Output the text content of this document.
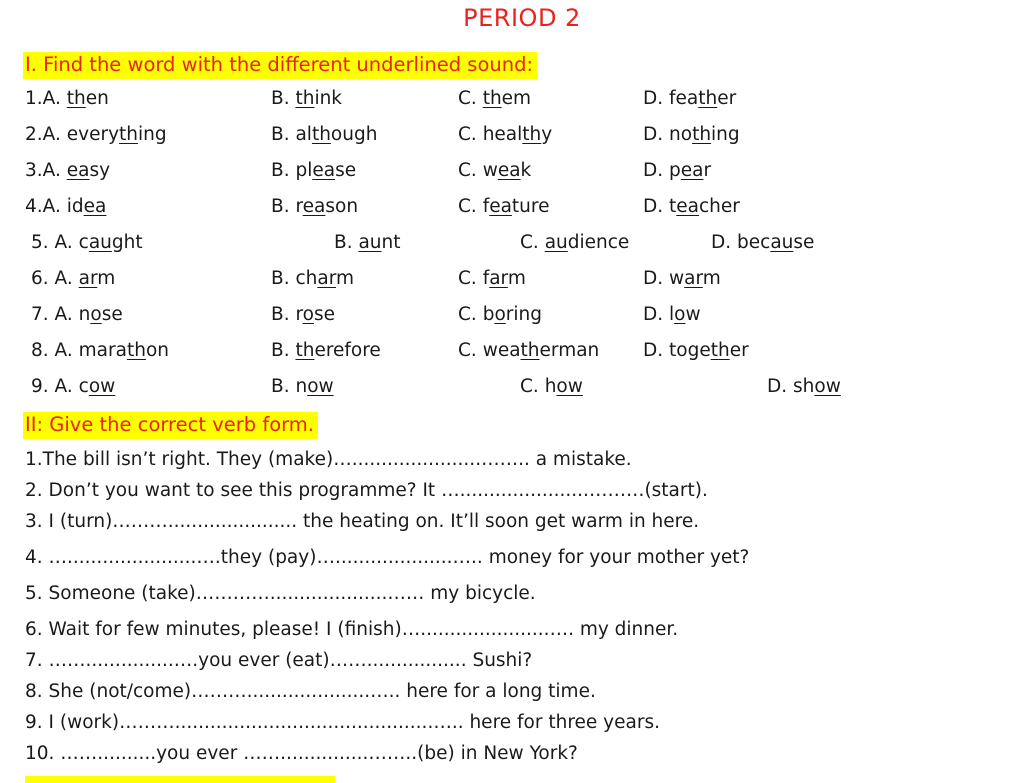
PERIOD 2
I. Find the word with the different underlined sound:
1.A. then	B. think	C. them	D. feather
2.A. everything	B. although	C. healthy	D. nothing
3.A. easy	B. please	C. weak	D. pear
4.A. idea	B. reason	C. feature	D. teacher
5. A. caught	B. aunt	C. audience	D. because
6. A. arm	B. charm	C. farm	D. warm
7. A. nose	B. rose	C. boring	D. low
8. A. marathon	B. therefore	C. weatherman D. together
9. A. cow	B. now	C. how	D. show
II: Give the correct verb form.
1.The bill isn’t right. They (make)…......................…….. a mistake.
2. Don’t you want to see this programme? It …......................………(start).
3. I (turn)………...................... the heating on. It’ll soon get warm in here.
4. …......................….they (pay)…....................….. money for your mother yet?
5. Someone (take)…………....................…… my bicycle.
6. Wait for few minutes, please! I (finish)…......................…. my dinner.
7. ……...............….you ever (eat)……................. Sushi?
8. She (not/come)……….....................….. here for a long time.
9. I (work)………............................................….. here for three years.
10. ……..........you ever ……...............……..(be) in New York?
